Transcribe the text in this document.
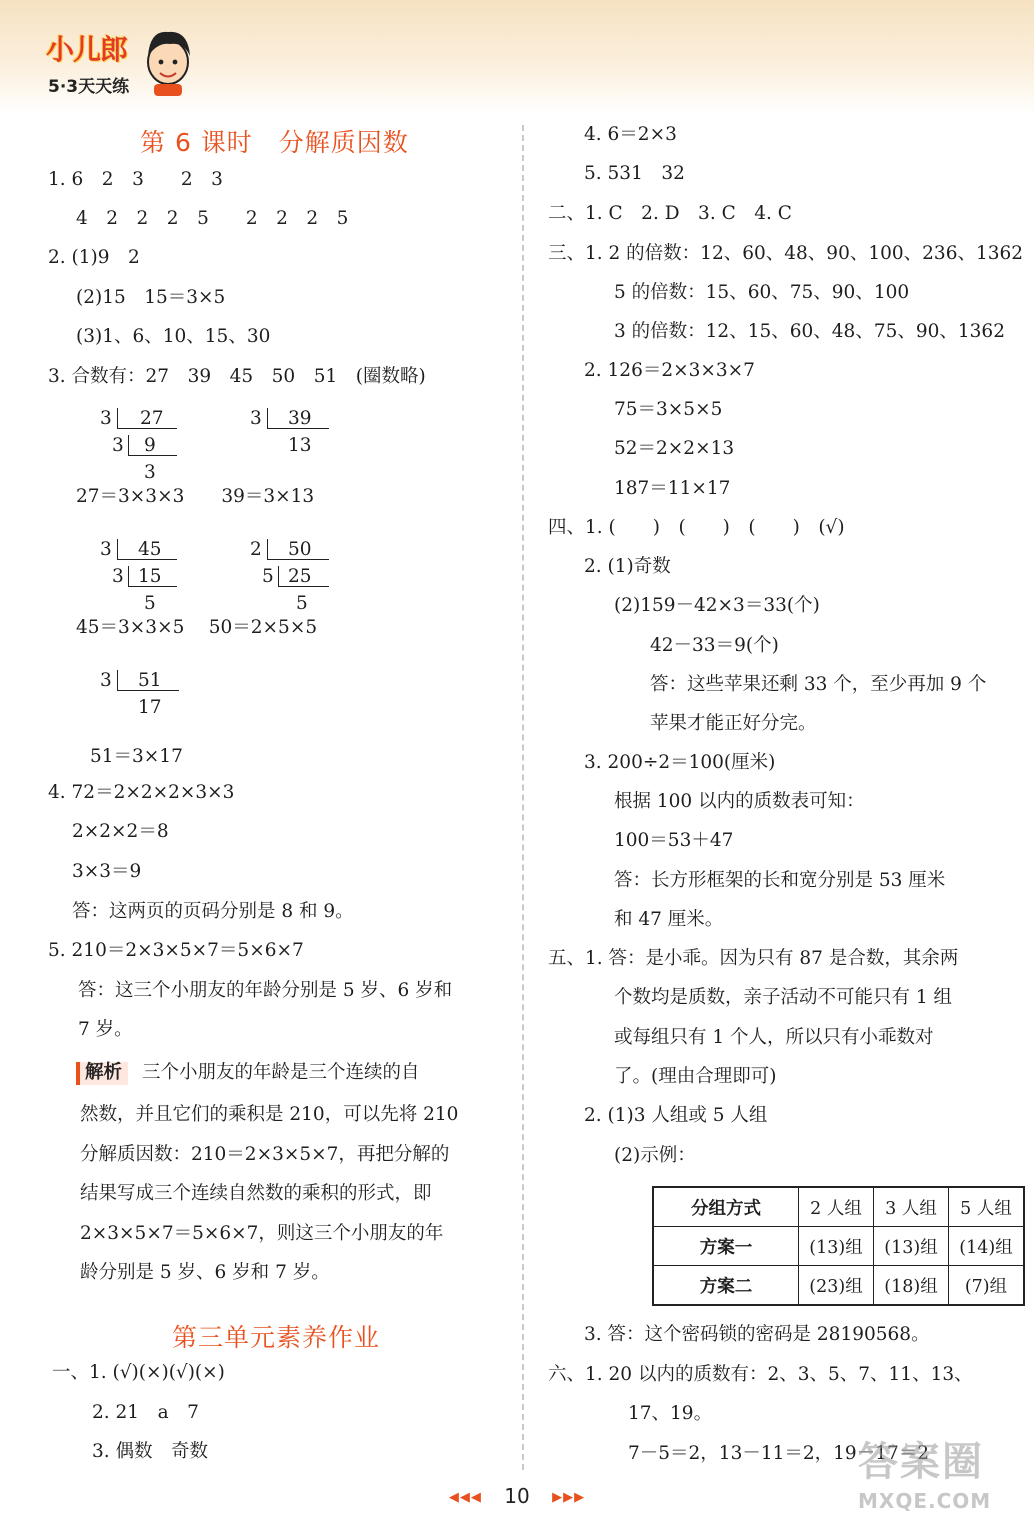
小儿郎
5·3天天练
第 6 课时　分解质因数
1. 6　2　3　　2　3
4　2　2　2　5　　2　2　2　5
2. (1)9　2
(2)15　15＝3×5
(3)1、6、10、15、30
3. 合数有：27　39　45　50　51　(圈数略)
3 27
3 9
3
3 39
13
27＝3×3×3　　39＝3×13
3 45
3 15
5
2 50
5 25
5
45＝3×3×5　 50＝2×5×5
3 51
17
51＝3×17
4. 72＝2×2×2×3×3
2×2×2＝8
3×3＝9
答：这两页的页码分别是 8 和 9。
5. 210＝2×3×5×7＝5×6×7
答：这三个小朋友的年龄分别是 5 岁、6 岁和
7 岁。
解析 三个小朋友的年龄是三个连续的自
然数，并且它们的乘积是 210，可以先将 210
分解质因数：210＝2×3×5×7，再把分解的
结果写成三个连续自然数的乘积的形式，即
2×3×5×7＝5×6×7，则这三个小朋友的年
龄分别是 5 岁、6 岁和 7 岁。
第三单元素养作业
一、1. (√)(×)(√)(×)
2. 21　a　7
3. 偶数　奇数
4. 6＝2×3
5. 531　32
二、1. C　2. D　3. C　4. C
三、1. 2 的倍数：12、60、48、90、100、236、1362
5 的倍数：15、60、75、90、100
3 的倍数：12、15、60、48、75、90、1362
2. 126＝2×3×3×7
75＝3×5×5
52＝2×2×13
187＝11×17
四、1. (　　)　(　　)　(　　)　(√)
2. (1)奇数
(2)159－42×3＝33(个)
42－33＝9(个)
答：这些苹果还剩 33 个，至少再加 9 个
苹果才能正好分完。
3. 200÷2＝100(厘米)
根据 100 以内的质数表可知：
100＝53＋47
答：长方形框架的长和宽分别是 53 厘米
和 47 厘米。
五、1. 答：是小乖。因为只有 87 是合数，其余两
个数均是质数，亲子活动不可能只有 1 组
或每组只有 1 个人，所以只有小乖数对
了。(理由合理即可)
2. (1)3 人组或 5 人组
(2)示例：
分组方式	2 人组	3 人组	5 人组
方案一	(13)组	(13)组	(14)组
方案二	(23)组	(18)组	(7)组
3. 答：这个密码锁的密码是 28190568。
六、1. 20 以内的质数有：2、3、5、7、11、13、
17、19。
7－5＝2，13－11＝2，19－17＝2
答案圈
MXQE.COM
◀◀◀ 10 ▶▶▶
